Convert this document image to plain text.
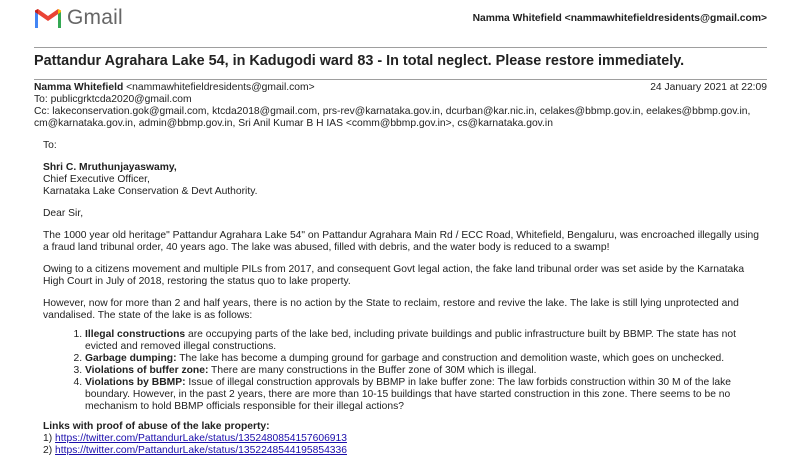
Gmail	Namma Whitefield <nammawhitefieldresidents@gmail.com>
Pattandur Agrahara Lake 54, in Kadugodi ward 83 - In total neglect. Please restore immediately.
Namma Whitefield <nammawhitefieldresidents@gmail.com>	24 January 2021 at 22:09
To: publicgrktcda2020@gmail.com
Cc: lakeconservation.gok@gmail.com, ktcda2018@gmail.com, prs-rev@karnataka.gov.in, dcurban@kar.nic.in, celakes@bbmp.gov.in, eelakes@bbmp.gov.in,
cm@karnataka.gov.in, admin@bbmp.gov.in, Sri Anil Kumar B H IAS <comm@bbmp.gov.in>, cs@karnataka.gov.in

To:

Shri C. Mruthunjayaswamy,
Chief Executive Officer,
Karnataka Lake Conservation & Devt Authority.

Dear Sir,

The 1000 year old heritage" Pattandur Agrahara Lake 54" on Pattandur Agrahara Main Rd / ECC Road, Whitefield, Bengaluru, was encroached illegally using a fraud land tribunal order, 40 years ago. The lake was abused, filled with debris, and the water body is reduced to a swamp!

Owing to a citizens movement and multiple PILs from 2017, and consequent Govt legal action, the fake land tribunal order was set aside by the Karnataka High Court in July of 2018, restoring the status quo to lake property.

However, now for more than 2 and half years, there is no action by the State to reclaim, restore and revive the lake. The lake is still lying unprotected and vandalised. The state of the lake is as follows:

1. Illegal constructions are occupying parts of the lake bed, including private buildings and public infrastructure built by BBMP. The state has not evicted and removed illegal constructions.
2. Garbage dumping: The lake has become a dumping ground for garbage and construction and demolition waste, which goes on unchecked.
3. Violations of buffer zone: There are many constructions in the Buffer zone of 30M which is illegal.
4. Violations by BBMP: Issue of illegal construction approvals by BBMP in lake buffer zone: The law forbids construction within 30 M of the lake boundary. However, in the past 2 years, there are more than 10-15 buildings that have started construction in this zone. There seems to be no mechanism to hold BBMP officials responsible for their illegal actions?
Links with proof of abuse of the lake property:
1) https://twitter.com/PattandurLake/status/1352480854157606913
2) https://twitter.com/PattandurLake/status/1352248544195854336
